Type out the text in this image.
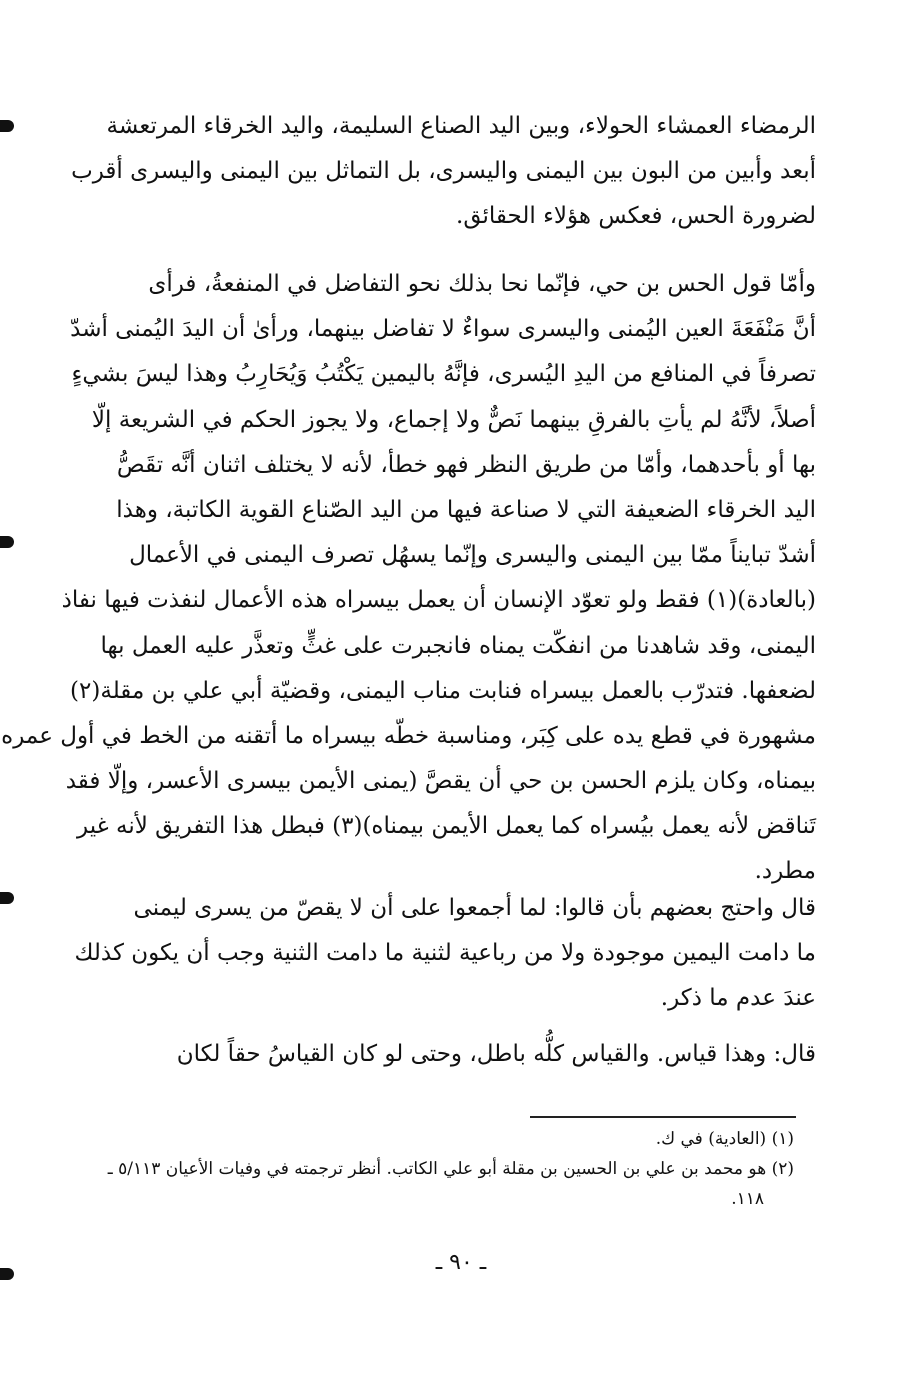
الرمضاء العمشاء الحولاء، وبين اليد الصناع السليمة، واليد الخرقاء المرتعشة
أبعد وأبين من البون بين اليمنى واليسرى، بل التماثل بين اليمنى واليسرى أقرب
لضرورة الحس، فعكس هؤلاء الحقائق.
وأمّا قول الحس بن حي، فإنّما نحا بذلك نحو التفاضل في المنفعةُ، فرأى
أنَّ مَنْفَعَةَ العين اليُمنى واليسرى سواءٌ لا تفاضل بينهما، ورأىٰ أن اليدَ اليُمنى أشدّ
تصرفاً في المنافع من اليدِ اليُسرى، فإنَّهُ باليمين يَكْتُبُ وَيُحَارِبُ وهذا ليسَ بشيءٍ
أصلاً، لأنَّهُ لم يأتِ بالفرقِ بينهما نَصٌّ ولا إجماع، ولا يجوز الحكم في الشريعة إلّا
بها أو بأحدهما، وأمّا من طريق النظر فهو خطأ، لأنه لا يختلف اثنان أنَّه تقَصُّ
اليد الخرقاء الضعيفة التي لا صناعة فيها من اليد الصّناع القوية الكاتبة، وهذا
أشدّ تبايناً ممّا بين اليمنى واليسرى وإنّما يسهُل تصرف اليمنى في الأعمال
(بالعادة)(١) فقط ولو تعوّد الإنسان أن يعمل بيسراه هذه الأعمال لنفذت فيها نفاذ
اليمنى، وقد شاهدنا من انفكّت يمناه فانجبرت على غثٍّ وتعذَّر عليه العمل بها
لضعفها. فتدرّب بالعمل بيسراه فنابت مناب اليمنى، وقضيّة أبي علي بن مقلة(٢)
مشهورة في قطع يده على كِبَر، ومناسبة خطّه بيسراه ما أتقنه من الخط في أول عمره
بيمناه، وكان يلزم الحسن بن حي أن يقصَّ (يمنى الأيمن بيسرى الأعسر، وإلّا فقد
تَناقض لأنه يعمل بيُسراه كما يعمل الأيمن بيمناه)(٣) فبطل هذا التفريق لأنه غير
مطرد.
قال واحتج بعضهم بأن قالوا: لما أجمعوا على أن لا يقصّ من يسرى ليمنى
ما دامت اليمين موجودة ولا من رباعية لثنية ما دامت الثنية وجب أن يكون كذلك
عندَ عدم ما ذكر.
قال: وهذا قياس. والقياس كلُّه باطل، وحتى لو كان القياسُ حقاً لكان
(١) (العادية) في ك.
(٢) هو محمد بن علي بن الحسين بن مقلة أبو علي الكاتب. أنظر ترجمته في وفيات الأعيان ٥/١١٣ ـ
١١٨.
ـ ٩٠ ـ
